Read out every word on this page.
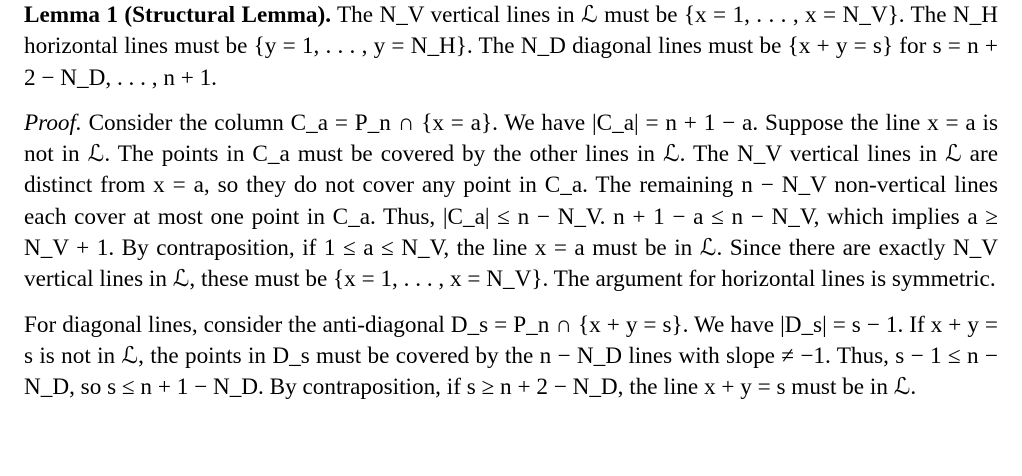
Lemma 1 (Structural Lemma). The N_V vertical lines in ℒ must be {x = 1, . . . , x = N_V}. The N_H horizontal lines must be {y = 1, . . . , y = N_H}. The N_D diagonal lines must be {x + y = s} for s = n + 2 − N_D, . . . , n + 1.

Proof. Consider the column C_a = P_n ∩ {x = a}. We have |C_a| = n + 1 − a. Suppose the line x = a is not in ℒ. The points in C_a must be covered by the other lines in ℒ. The N_V vertical lines in ℒ are distinct from x = a, so they do not cover any point in C_a. The remaining n − N_V non-vertical lines each cover at most one point in C_a. Thus, |C_a| ≤ n − N_V. n + 1 − a ≤ n − N_V, which implies a ≥ N_V + 1. By contraposition, if 1 ≤ a ≤ N_V, the line x = a must be in ℒ. Since there are exactly N_V vertical lines in ℒ, these must be {x = 1, . . . , x = N_V}. The argument for horizontal lines is symmetric.

For diagonal lines, consider the anti-diagonal D_s = P_n ∩ {x + y = s}. We have |D_s| = s − 1. If x + y = s is not in ℒ, the points in D_s must be covered by the n − N_D lines with slope ≠ −1. Thus, s − 1 ≤ n − N_D, so s ≤ n + 1 − N_D. By contraposition, if s ≥ n + 2 − N_D, the line x + y = s must be in ℒ.
